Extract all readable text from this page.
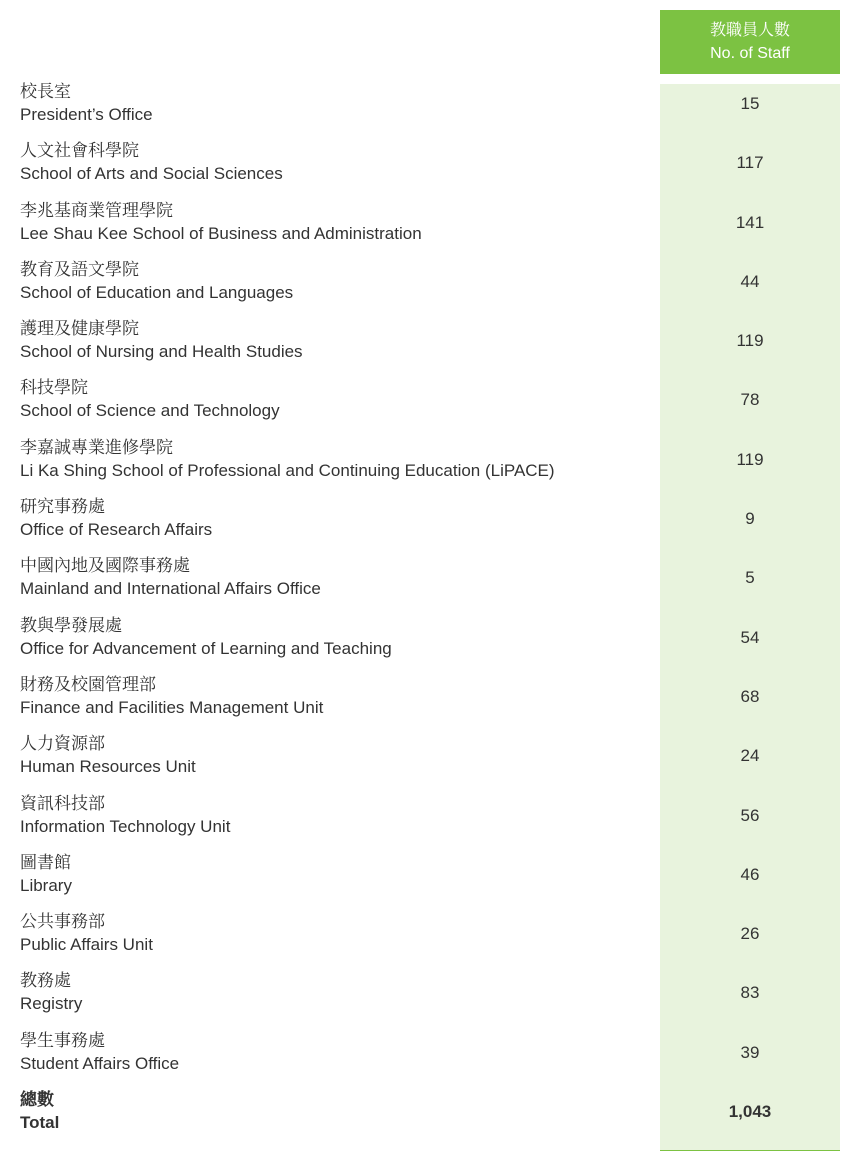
教職員人數
No. of Staff
校長室
President’s Office
15
人文社會科學院
School of Arts and Social Sciences
117
李兆基商業管理學院
Lee Shau Kee School of Business and Administration
141
教育及語文學院
School of Education and Languages
44
護理及健康學院
School of Nursing and Health Studies
119
科技學院
School of Science and Technology
78
李嘉誠專業進修學院
Li Ka Shing School of Professional and Continuing Education (LiPACE)
119
研究事務處
Office of Research Affairs
9
中國內地及國際事務處
Mainland and International Affairs Office
5
教與學發展處
Office for Advancement of Learning and Teaching
54
財務及校園管理部
Finance and Facilities Management Unit
68
人力資源部
Human Resources Unit
24
資訊科技部
Information Technology Unit
56
圖書館
Library
46
公共事務部
Public Affairs Unit
26
教務處
Registry
83
學生事務處
Student Affairs Office
39
總數
Total
1,043
